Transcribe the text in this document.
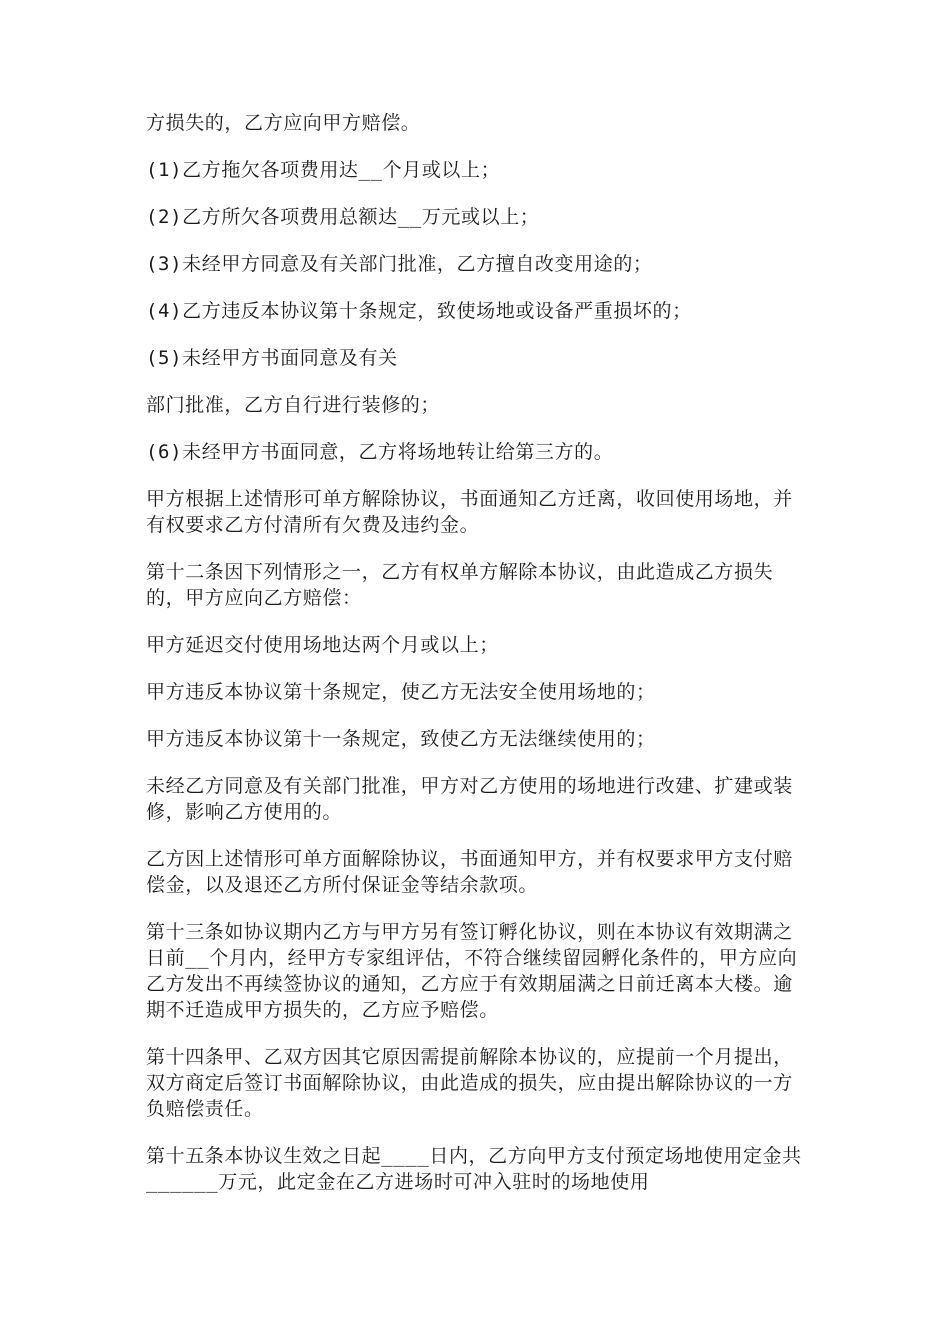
方损失的，乙方应向甲方赔偿。

(1)乙方拖欠各项费用达__个月或以上；

(2)乙方所欠各项费用总额达__万元或以上；

(3)未经甲方同意及有关部门批准，乙方擅自改变用途的；

(4)乙方违反本协议第十条规定，致使场地或设备严重损坏的；

(5)未经甲方书面同意及有关

部门批准，乙方自行进行装修的；

(6)未经甲方书面同意，乙方将场地转让给第三方的。

甲方根据上述情形可单方解除协议，书面通知乙方迁离，收回使用场地，并有权要求乙方付清所有欠费及违约金。

第十二条因下列情形之一，乙方有权单方解除本协议，由此造成乙方损失的，甲方应向乙方赔偿：

甲方延迟交付使用场地达两个月或以上；

甲方违反本协议第十条规定，使乙方无法安全使用场地的；

甲方违反本协议第十一条规定，致使乙方无法继续使用的；

未经乙方同意及有关部门批准，甲方对乙方使用的场地进行改建、扩建或装修，影响乙方使用的。

乙方因上述情形可单方面解除协议，书面通知甲方，并有权要求甲方支付赔偿金，以及退还乙方所付保证金等结余款项。

第十三条如协议期内乙方与甲方另有签订孵化协议，则在本协议有效期满之日前__个月内，经甲方专家组评估，不符合继续留园孵化条件的，甲方应向乙方发出不再续签协议的通知，乙方应于有效期届满之日前迁离本大楼。逾期不迁造成甲方损失的，乙方应予赔偿。

第十四条甲、乙双方因其它原因需提前解除本协议的，应提前一个月提出，双方商定后签订书面解除协议，由此造成的损失，应由提出解除协议的一方负赔偿责任。

第十五条本协议生效之日起____日内，乙方向甲方支付预定场地使用定金共______万元，此定金在乙方进场时可冲入驻时的场地使用
